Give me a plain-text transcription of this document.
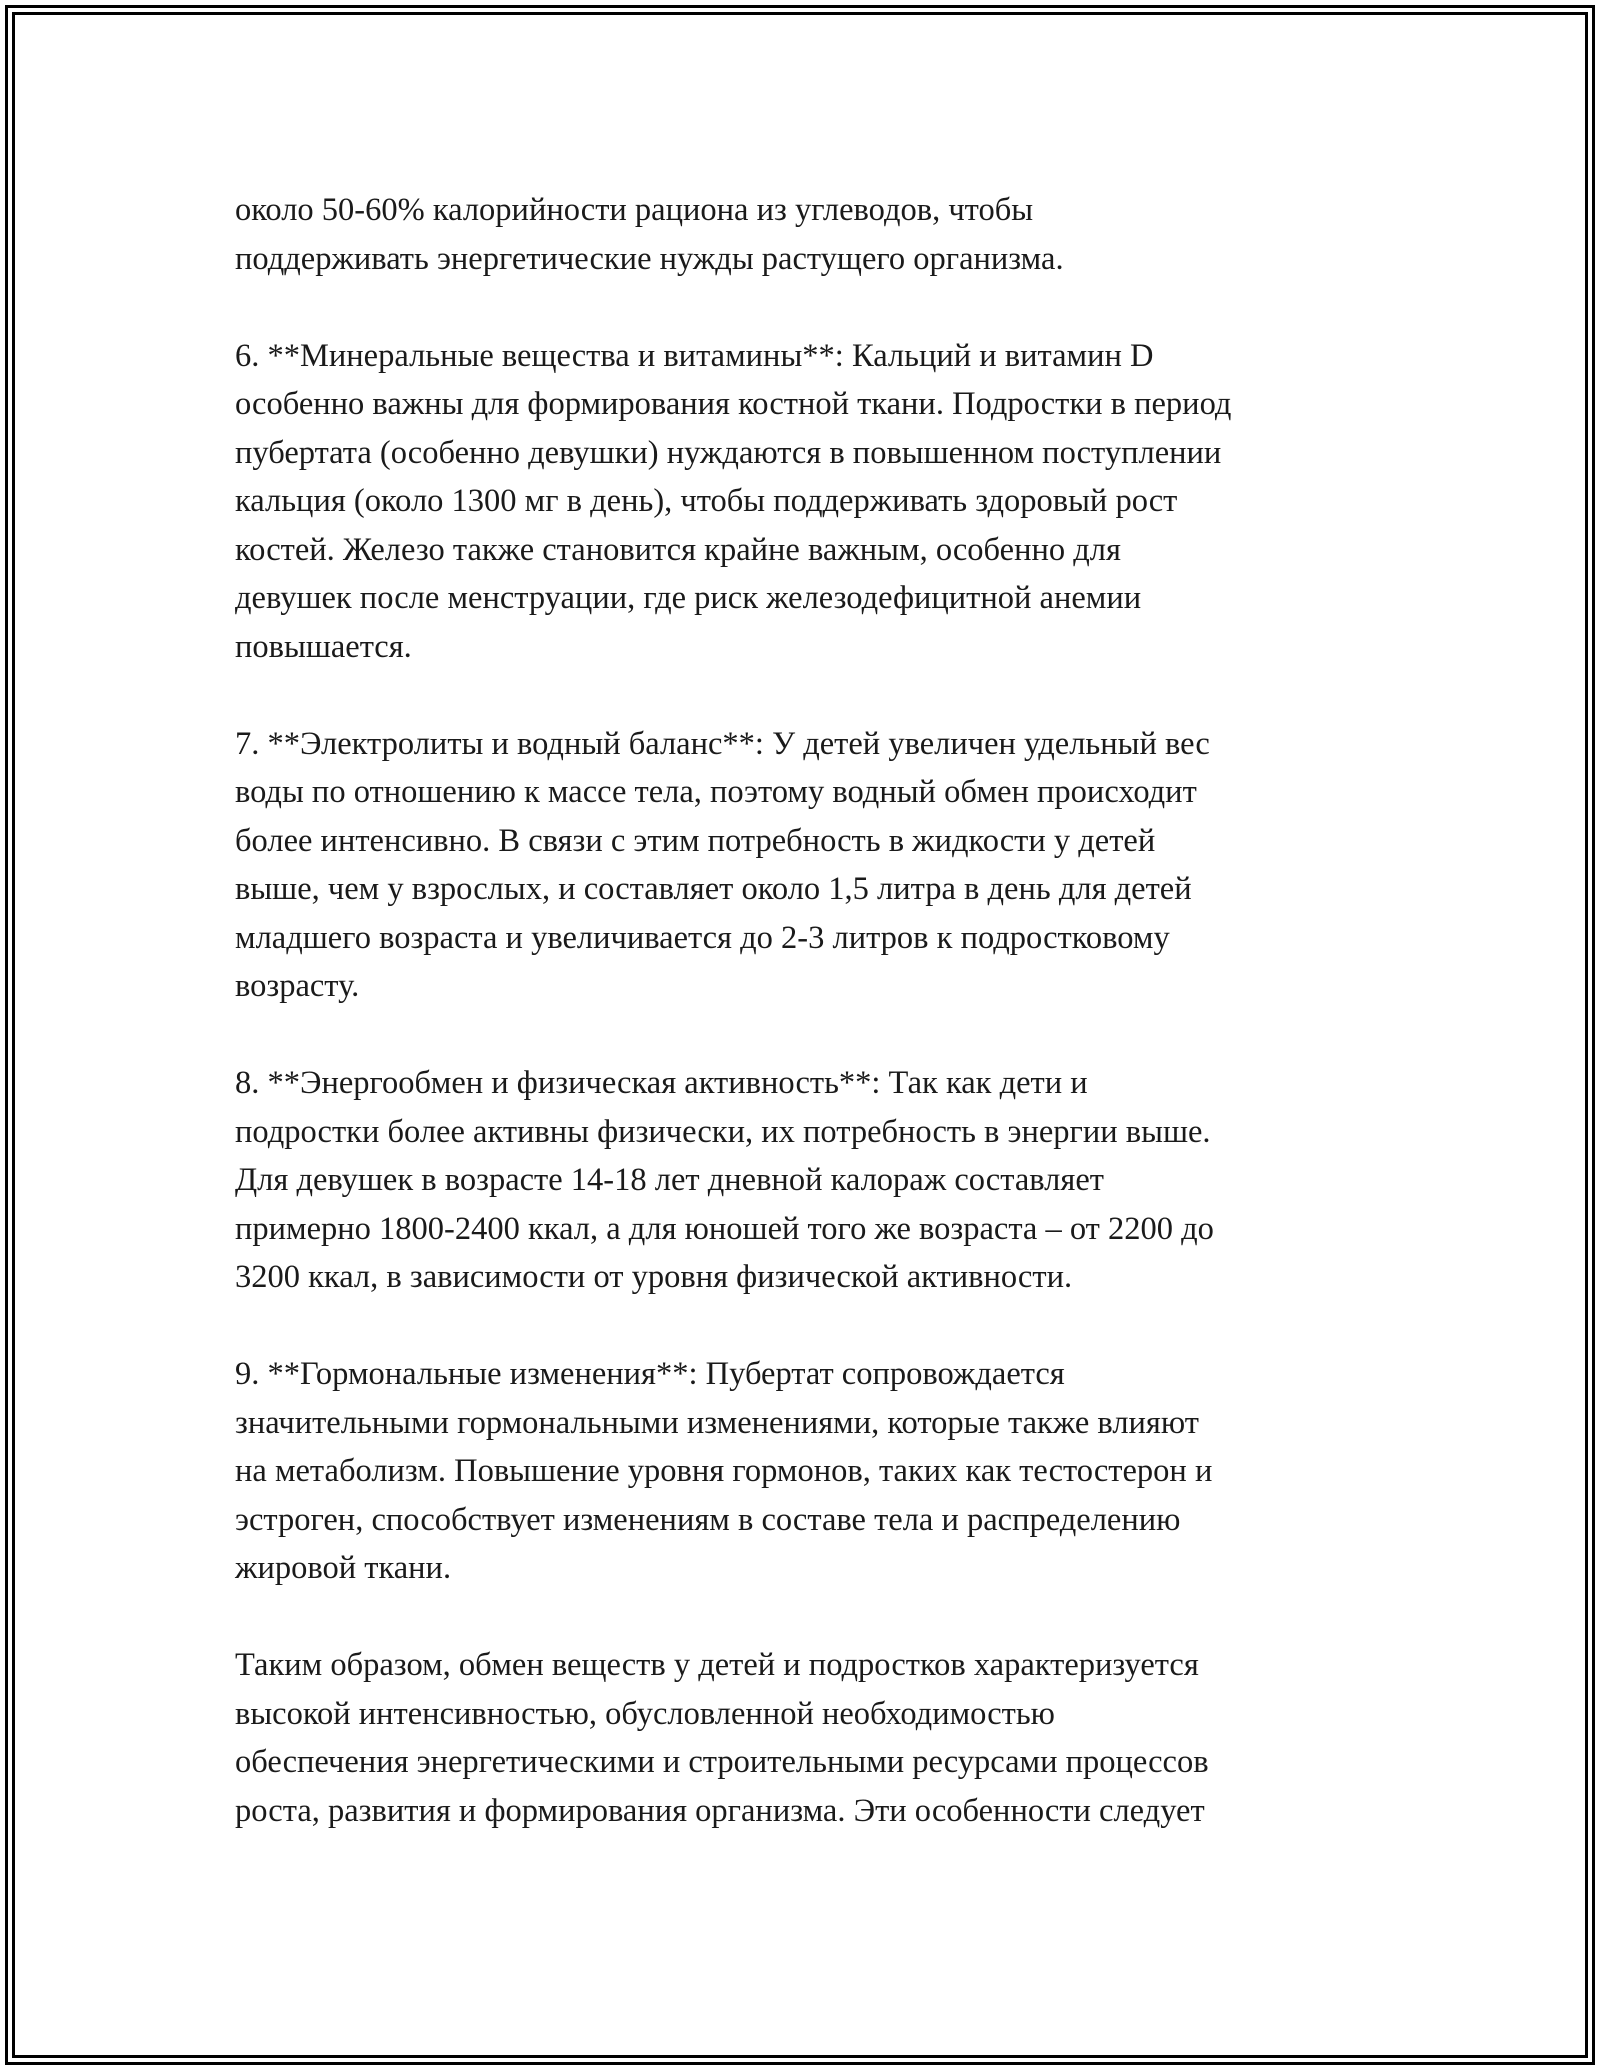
около 50-60% калорийности рациона из углеводов, чтобы
поддерживать энергетические нужды растущего организма.

6. **Минеральные вещества и витамины**: Кальций и витамин D
особенно важны для формирования костной ткани. Подростки в период
пубертата (особенно девушки) нуждаются в повышенном поступлении
кальция (около 1300 мг в день), чтобы поддерживать здоровый рост
костей. Железо также становится крайне важным, особенно для
девушек после менструации, где риск железодефицитной анемии
повышается.

7. **Электролиты и водный баланс**: У детей увеличен удельный вес
воды по отношению к массе тела, поэтому водный обмен происходит
более интенсивно. В связи с этим потребность в жидкости у детей
выше, чем у взрослых, и составляет около 1,5 литра в день для детей
младшего возраста и увеличивается до 2-3 литров к подростковому
возрасту.

8. **Энергообмен и физическая активность**: Так как дети и
подростки более активны физически, их потребность в энергии выше.
Для девушек в возрасте 14-18 лет дневной калораж составляет
примерно 1800-2400 ккал, а для юношей того же возраста – от 2200 до
3200 ккал, в зависимости от уровня физической активности.

9. **Гормональные изменения**: Пубертат сопровождается
значительными гормональными изменениями, которые также влияют
на метаболизм. Повышение уровня гормонов, таких как тестостерон и
эстроген, способствует изменениям в составе тела и распределению
жировой ткани.

Таким образом, обмен веществ у детей и подростков характеризуется
высокой интенсивностью, обусловленной необходимостью
обеспечения энергетическими и строительными ресурсами процессов
роста, развития и формирования организма. Эти особенности следует
